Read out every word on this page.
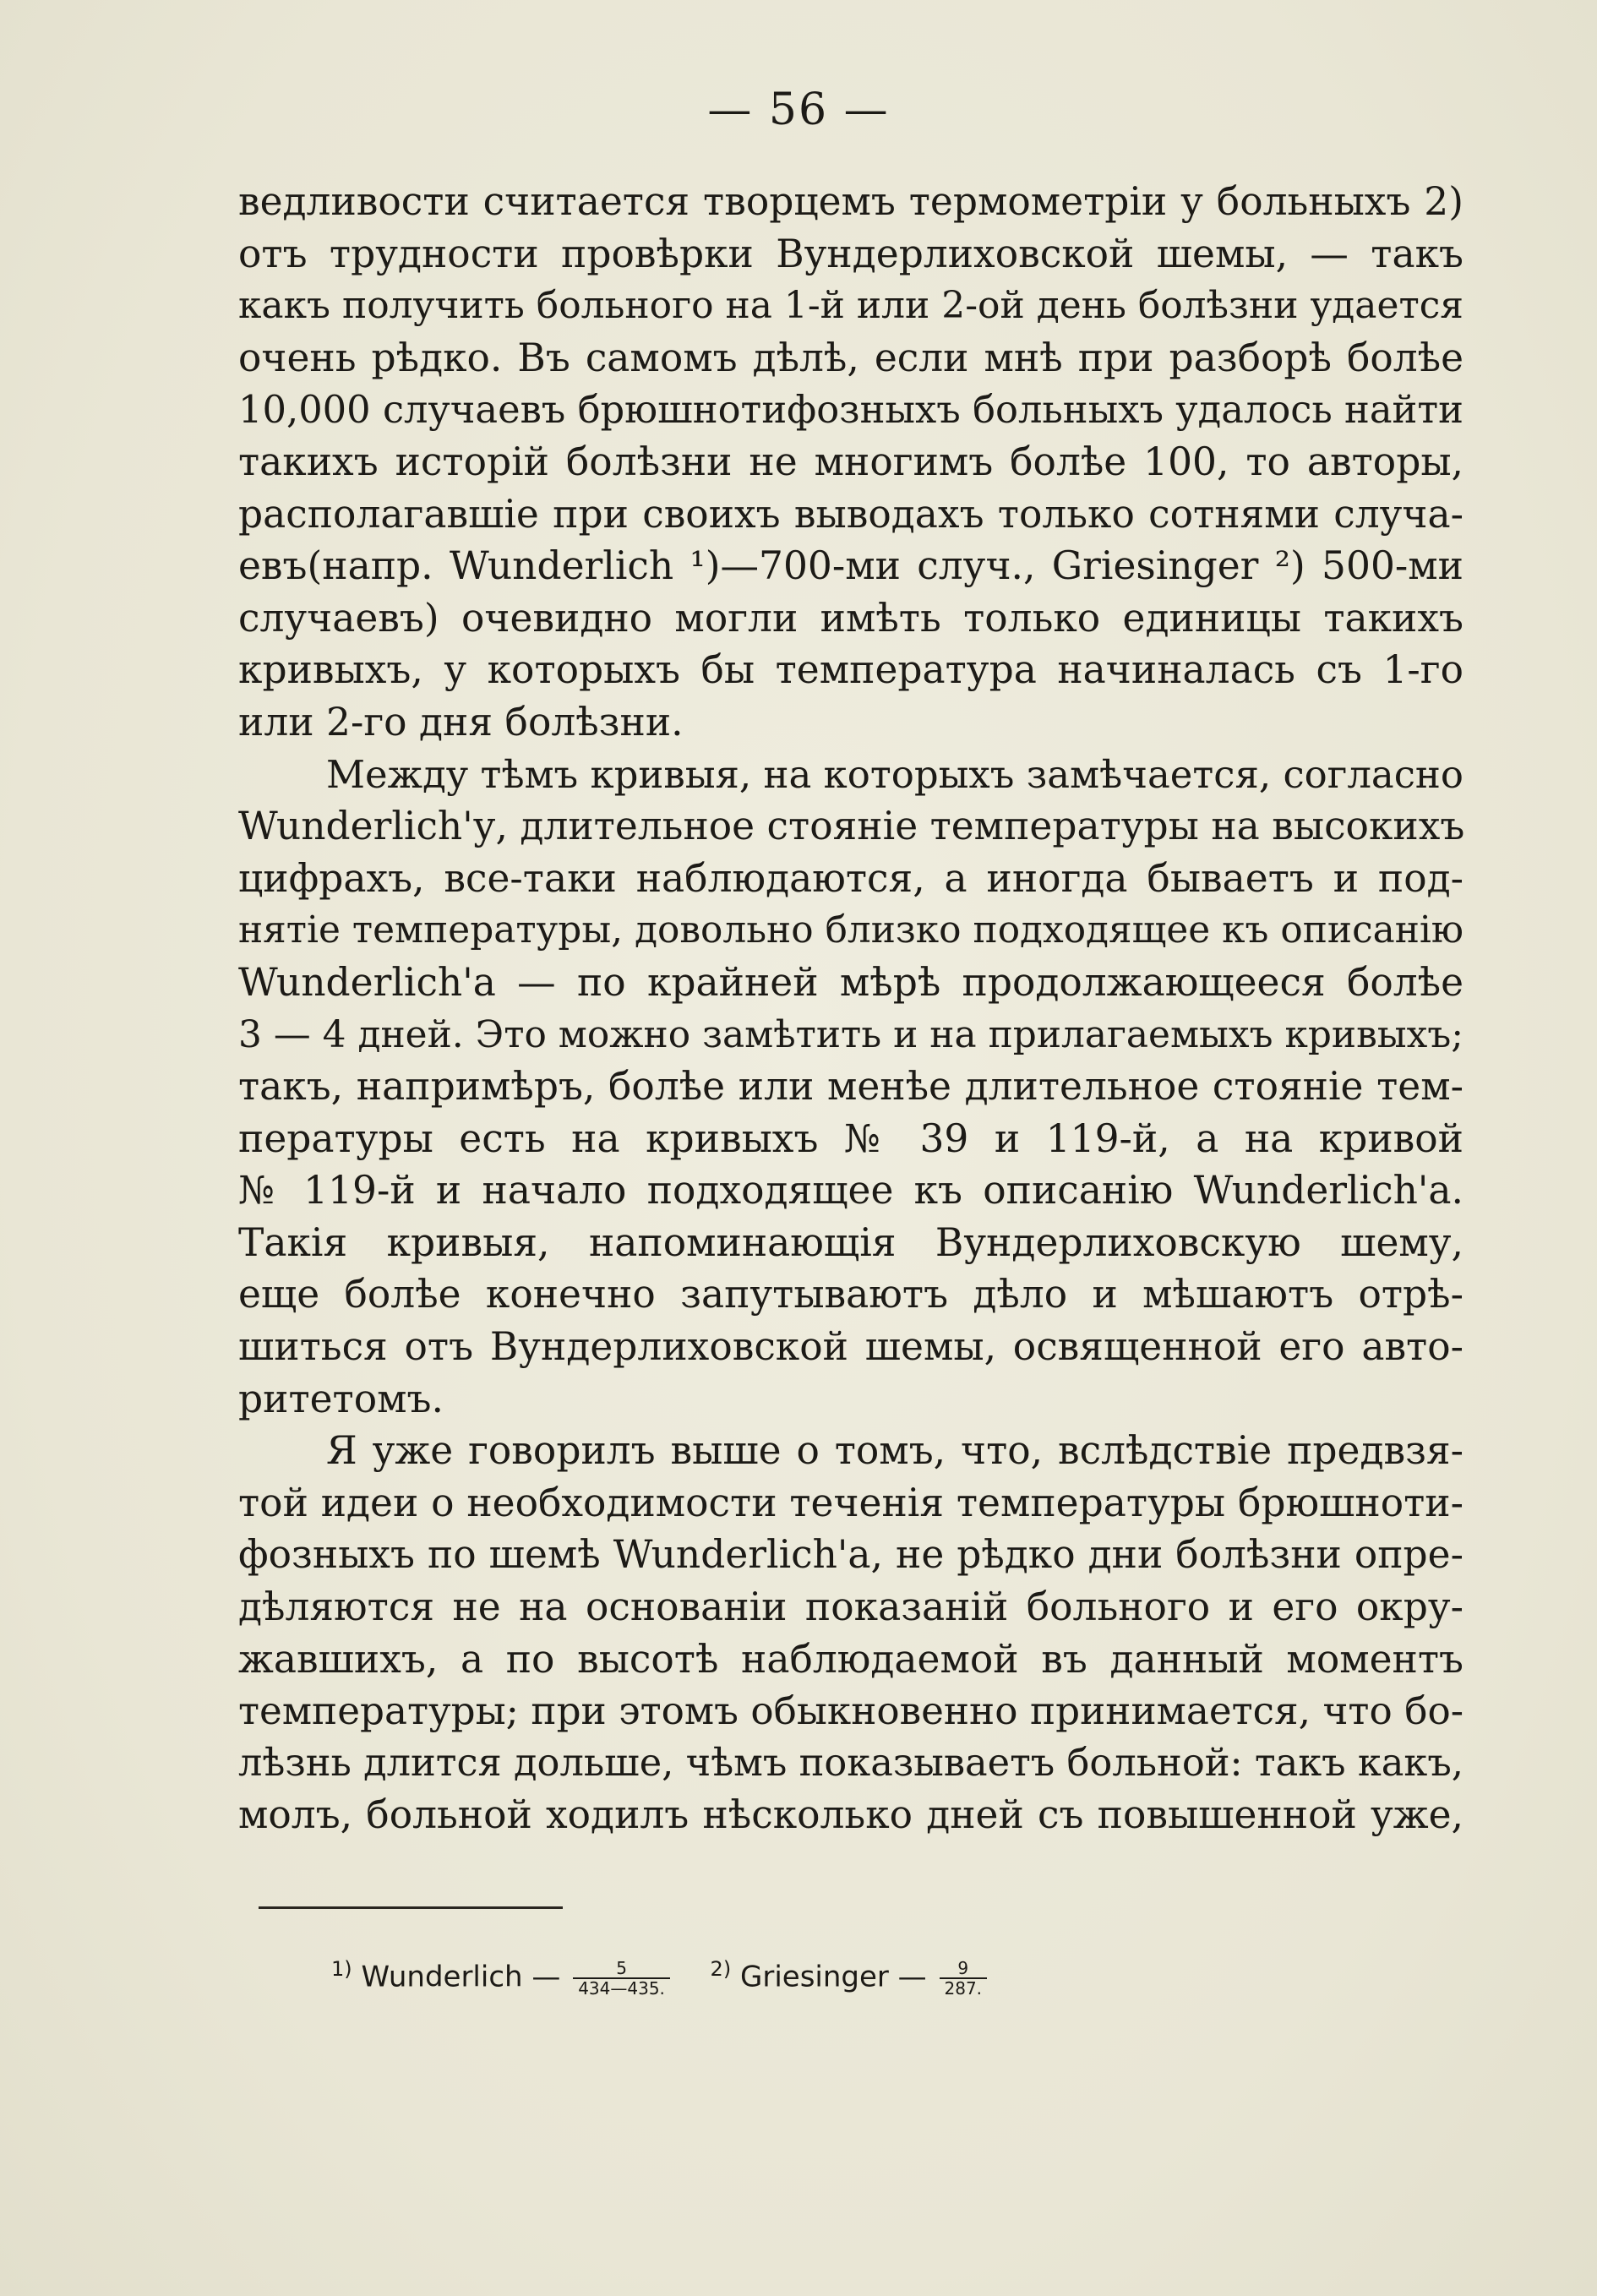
— 56 —
ведливости считается творцемъ термометріи у больныхъ 2)
отъ трудности провѣрки Вундерлиховской шемы, — такъ
какъ получить больного на 1-й или 2-ой день болѣзни удается
очень рѣдко. Въ самомъ дѣлѣ, если мнѣ при разборѣ болѣе
10,000 случаевъ брюшнотифозныхъ больныхъ удалось найти
такихъ исторій болѣзни не многимъ болѣе 100, то авторы,
располагавшіе при своихъ выводахъ только сотнями случа-
евъ(напр. Wunderlich ¹)—700-ми случ., Griesinger ²) 500-ми
случаевъ) очевидно могли имѣть только единицы такихъ
кривыхъ, у которыхъ бы температура начиналась съ 1-го
или 2-го дня болѣзни.
Между тѣмъ кривыя, на которыхъ замѣчается, согласно
Wunderlich'у, длительное стояніе температуры на высокихъ
цифрахъ, все-таки наблюдаются, а иногда бываетъ и под-
нятіе температуры, довольно близко подходящее къ описанію
Wunderlich'a — по крайней мѣрѣ продолжающееся болѣе
3 — 4 дней. Это можно замѣтить и на прилагаемыхъ кривыхъ;
такъ, напримѣръ, болѣе или менѣе длительное стояніе тем-
пературы есть на кривыхъ № 39 и 119-й, а на кривой
№ 119-й и начало подходящее къ описанію Wunderlich'a.
Такія кривыя, напоминающія Вундерлиховскую шему,
еще болѣе конечно запутываютъ дѣло и мѣшаютъ отрѣ-
шиться отъ Вундерлиховской шемы, освященной его авто-
ритетомъ.
Я уже говорилъ выше о томъ, что, вслѣдствіе предвзя-
той идеи о необходимости теченія температуры брюшноти-
фозныхъ по шемѣ Wunderlich'a, не рѣдко дни болѣзни опре-
дѣляются не на основаніи показаній больного и его окру-
жавшихъ, а по высотѣ наблюдаемой въ данный моментъ
температуры; при этомъ обыкновенно принимается, что бо-
лѣзнь длится дольше, чѣмъ показываетъ больной: такъ какъ,
молъ, больной ходилъ нѣсколько дней съ повышенной уже,
$^{1)}$ Wunderlich — $\frac{5}{434—435.} ^{2)}$ Griesinger — $\frac{9}{287.}$
